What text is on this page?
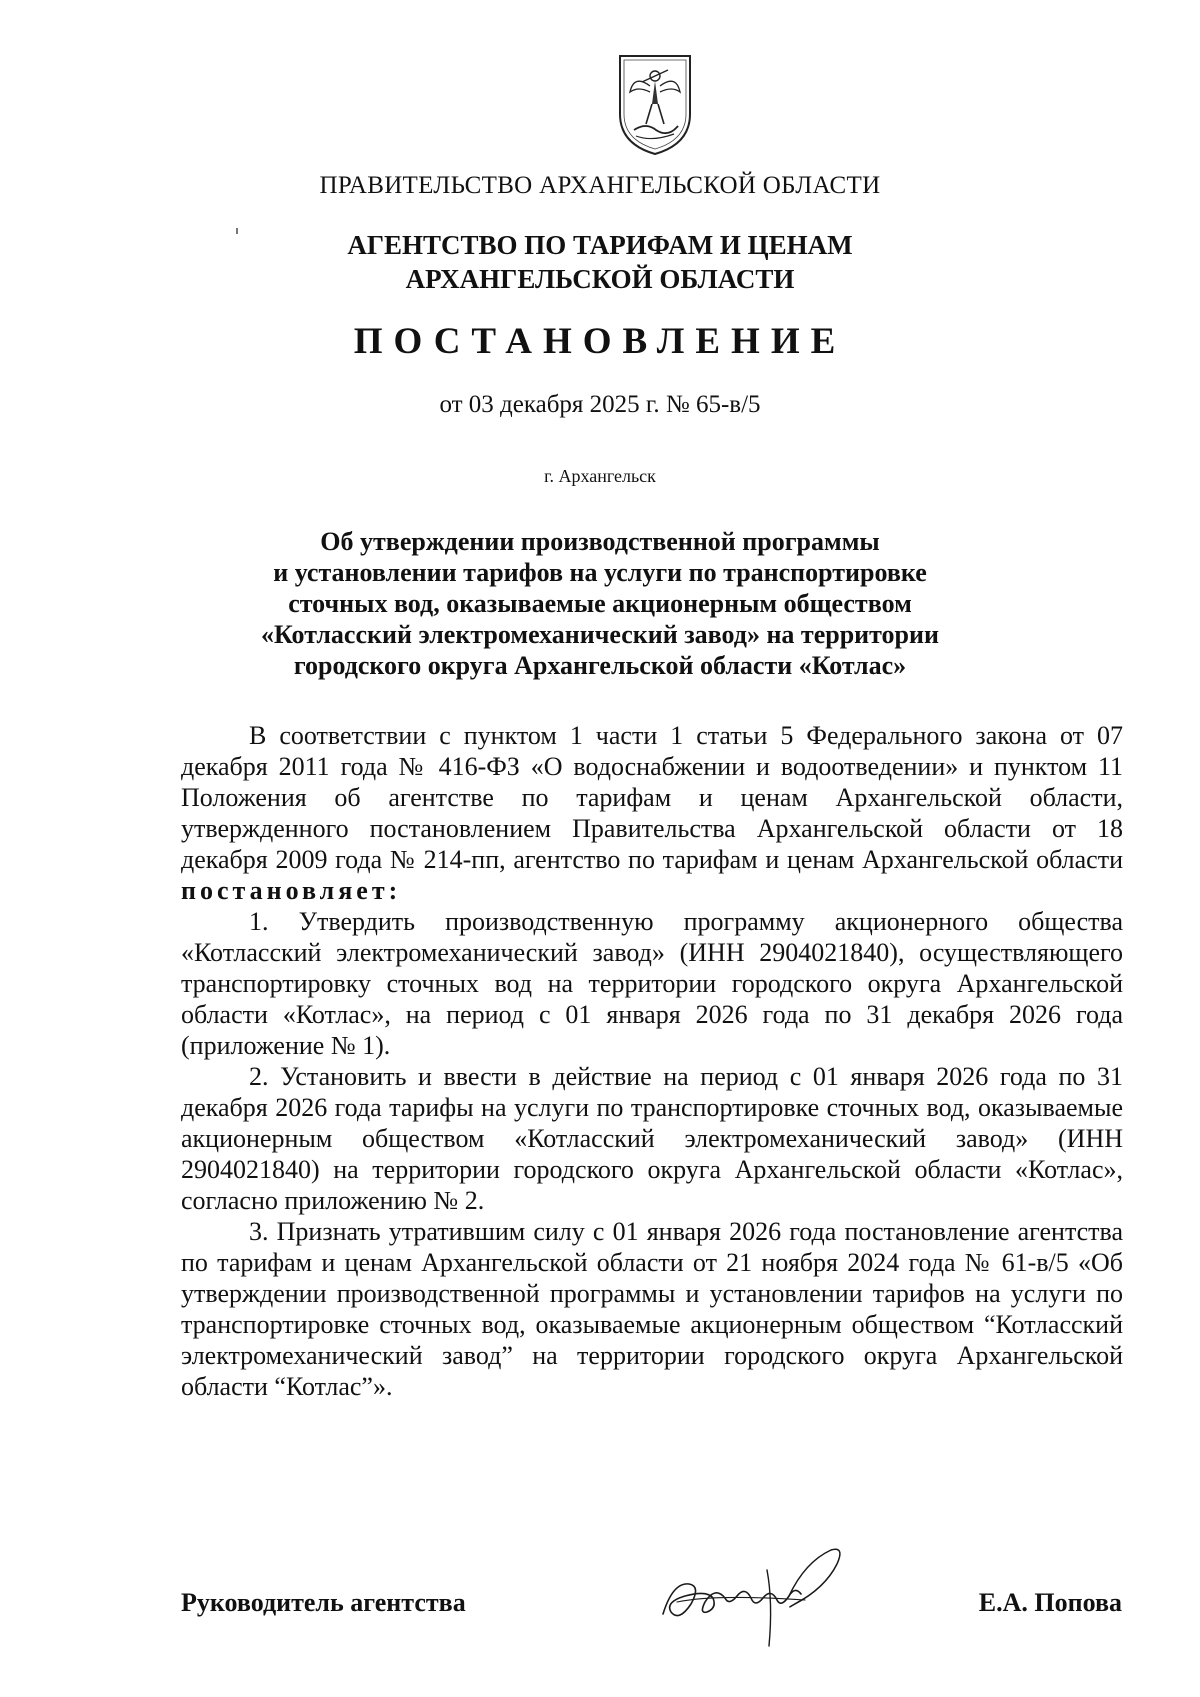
ПРАВИТЕЛЬСТВО АРХАНГЕЛЬСКОЙ ОБЛАСТИ
АГЕНТСТВО ПО ТАРИФАМ И ЦЕНАМ
АРХАНГЕЛЬСКОЙ ОБЛАСТИ
ПОСТАНОВЛЕНИЕ
от 03 декабря 2025 г. № 65-в/5
г. Архангельск
Об утверждении производственной программы
и установлении тарифов на услуги по транспортировке
сточных вод, оказываемые акционерным обществом
«Котласский электромеханический завод» на территории
городского округа Архангельской области «Котлас»

В соответствии с пунктом 1 части 1 статьи 5 Федерального закона от 07 декабря 2011 года № 416-ФЗ «О водоснабжении и водоотведении» и пунктом 11 Положения об агентстве по тарифам и ценам Архангельской области, утвержденного постановлением Правительства Архангельской области от 18 декабря 2009 года № 214-пп, агентство по тарифам и ценам Архангельской области постановляет:

1. Утвердить производственную программу акционерного общества «Котласский электромеханический завод» (ИНН 2904021840), осуществляющего транспортировку сточных вод на территории городского округа Архангельской области «Котлас», на период с 01 января 2026 года по 31 декабря 2026 года (приложение № 1).

2. Установить и ввести в действие на период с 01 января 2026 года по 31 декабря 2026 года тарифы на услуги по транспортировке сточных вод, оказываемые акционерным обществом «Котласский электромеханический завод» (ИНН 2904021840) на территории городского округа Архангельской области «Котлас», согласно приложению № 2.

3. Признать утратившим силу с 01 января 2026 года постановление агентства по тарифам и ценам Архангельской области от 21 ноября 2024 года № 61-в/5 «Об утверждении производственной программы и установлении тарифов на услуги по транспортировке сточных вод, оказываемые акционерным обществом “Котласский электромеханический завод” на территории городского округа Архангельской области “Котлас”».

Руководитель агентства	Е.А. Попова
